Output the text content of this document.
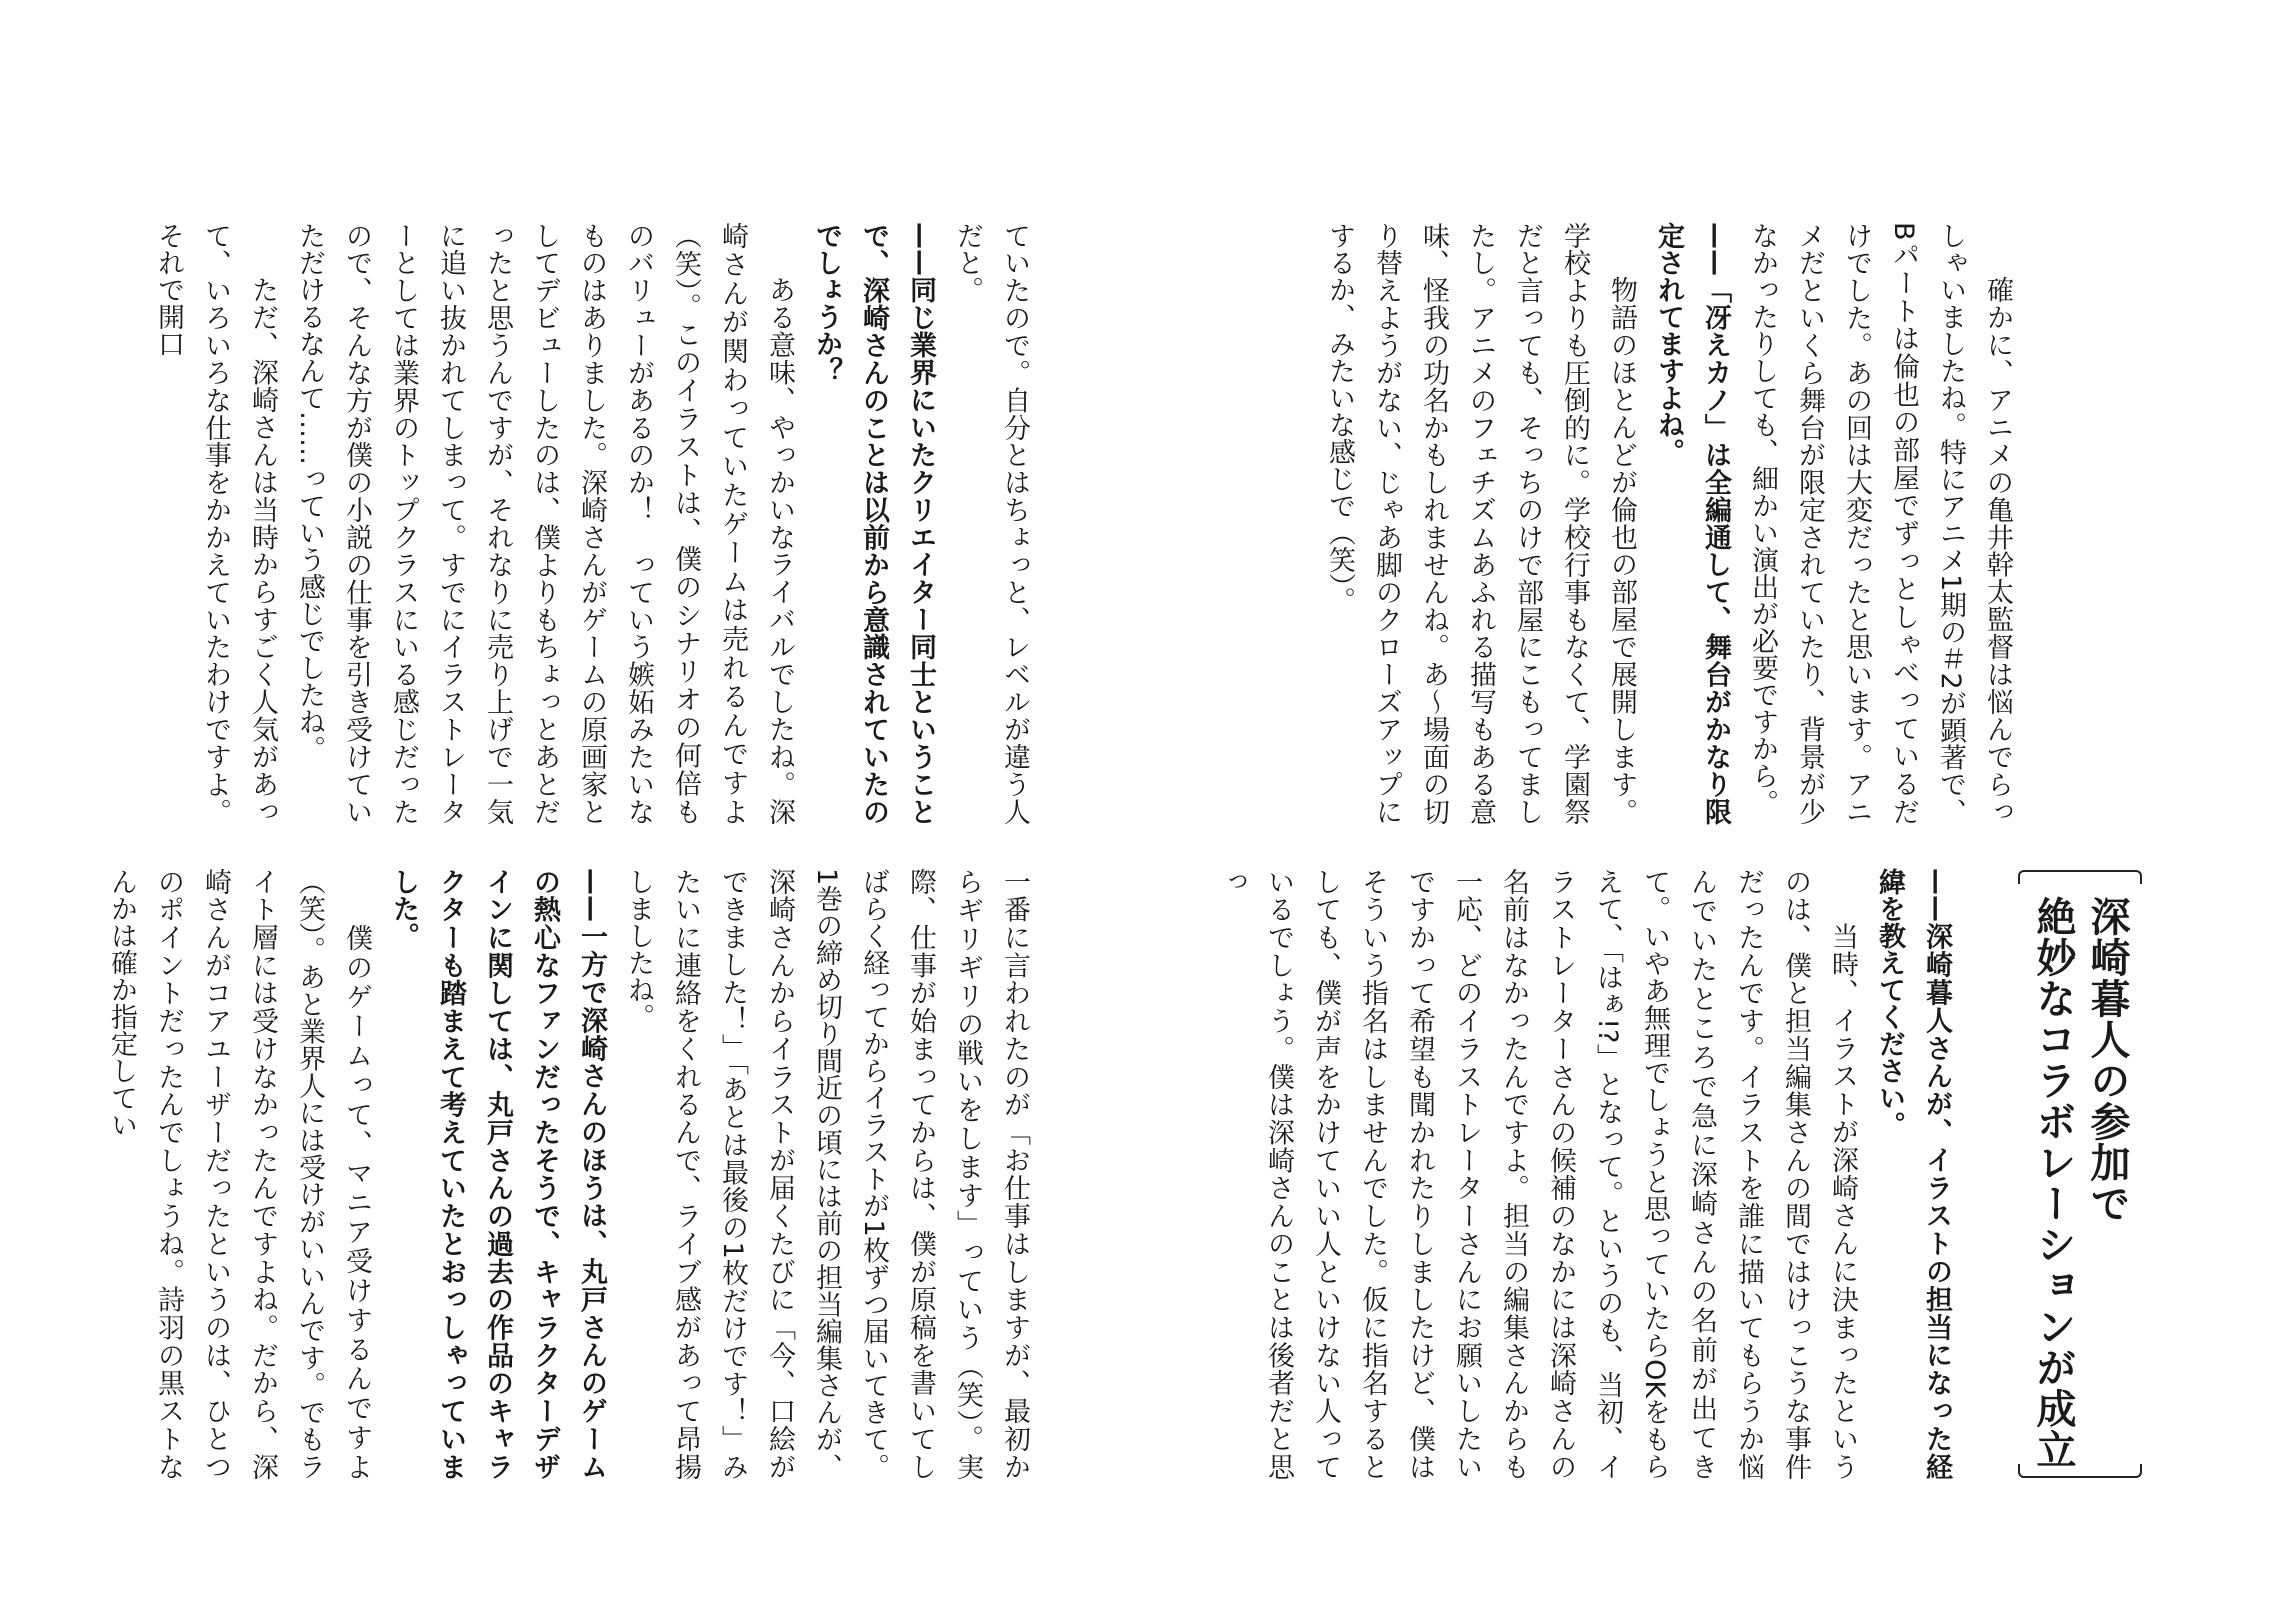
　確かに、アニメの亀井幹太監督は悩んでらっしゃいましたね。特にアニメ1期の＃2が顕著で、Bパートは倫也の部屋でずっとしゃべっているだけでした。あの回は大変だったと思います。アニメだといくら舞台が限定されていたり、背景が少なかったりしても、細かい演出が必要ですから。

——「冴えカノ」は全編通して、舞台がかなり限定されてますよね。

　物語のほとんどが倫也の部屋で展開します。学校よりも圧倒的に。学校行事もなくて、学園祭だと言っても、そっちのけで部屋にこもってましたし。アニメのフェチズムあふれる描写もある意味、怪我の功名かもしれませんね。あ〜場面の切り替えようがない、じゃあ脚のクローズアップにするか、みたいな感じで（笑）。

ていたので。自分とはちょっと、レベルが違う人だと。

——同じ業界にいたクリエイター同士ということで、深崎さんのことは以前から意識されていたのでしょうか？

　ある意味、やっかいなライバルでしたね。深崎さんが関わっていたゲームは売れるんですよ（笑）。このイラストは、僕のシナリオの何倍ものバリューがあるのか！　っていう嫉妬みたいなものはありました。深崎さんがゲームの原画家としてデビューしたのは、僕よりもちょっとあとだったと思うんですが、それなりに売り上げで一気に追い抜かれてしまって。すでにイラストレーターとしては業界のトップクラスにいる感じだったので、そんな方が僕の小説の仕事を引き受けていただけるなんて……っていう感じでしたね。

　ただ、深崎さんは当時からすごく人気があって、いろいろな仕事をかかえていたわけですよ。それで開口

深崎暮人の参加で
絶妙なコラボレーションが成立

——深崎暮人さんが、イラストの担当になった経緯を教えてください。

　当時、イラストが深崎さんに決まったというのは、僕と担当編集さんの間ではけっこうな事件だったんです。イラストを誰に描いてもらうか悩んでいたところで急に深崎さんの名前が出てきて。いやあ無理でしょうと思っていたらOKをもらえて、「はぁ!?」となって。というのも、当初、イラストレーターさんの候補のなかには深崎さんの名前はなかったんですよ。担当の編集さんからも一応、どのイラストレーターさんにお願いしたいですかって希望も聞かれたりしましたけど、僕はそういう指名はしませんでした。仮に指名するとしても、僕が声をかけていい人といけない人っているでしょう。僕は深崎さんのことは後者だと思っ

一番に言われたのが「お仕事はしますが、最初からギリギリの戦いをします」っていう（笑）。実際、仕事が始まってからは、僕が原稿を書いてしばらく経ってからイラストが1枚ずつ届いてきて。1巻の締め切り間近の頃には前の担当編集さんが、深崎さんからイラストが届くたびに「今、口絵ができました！」「あとは最後の1枚だけです！」みたいに連絡をくれるんで、ライブ感があって昂揚しましたね。

——一方で深崎さんのほうは、丸戸さんのゲームの熱心なファンだったそうで、キャラクターデザインに関しては、丸戸さんの過去の作品のキャラクターも踏まえて考えていたとおっしゃっていました。

　僕のゲームって、マニア受けするんですよ（笑）。あと業界人には受けがいいんです。でもライト層には受けなかったんですよね。だから、深崎さんがコアユーザーだったというのは、ひとつのポイントだったんでしょうね。詩羽の黒ストなんかは確か指定してい
